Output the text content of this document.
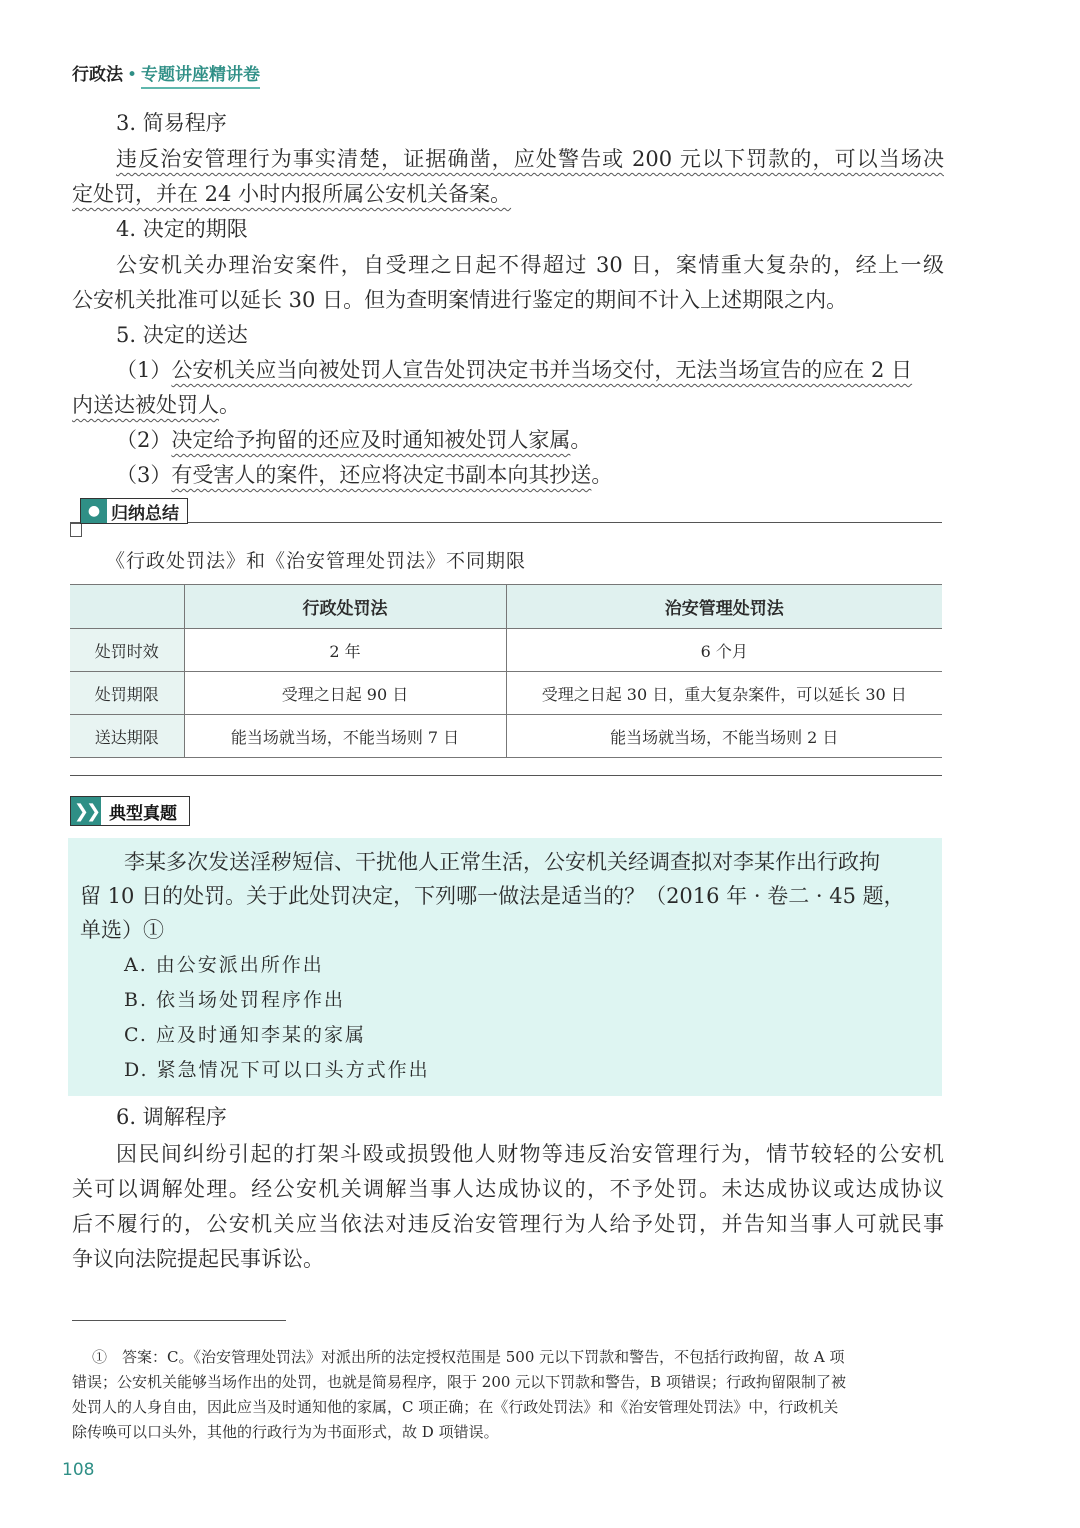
行政法 • 专题讲座精讲卷
3. 简易程序
违反治安管理行为事实清楚，证据确凿，应处警告或 200 元以下罚款的，可以当场决
定处罚，并在 24 小时内报所属公安机关备案。
4. 决定的期限
公安机关办理治安案件，自受理之日起不得超过 30 日，案情重大复杂的，经上一级
公安机关批准可以延长 30 日。但为查明案情进行鉴定的期间不计入上述期限之内。
5. 决定的送达
（1）公安机关应当向被处罚人宣告处罚决定书并当场交付，无法当场宣告的应在 2 日
内送达被处罚人。
（2）决定给予拘留的还应及时通知被处罚人家属。
（3）有受害人的案件，还应将决定书副本向其抄送。
● 归纳总结
《行政处罚法》和《治安管理处罚法》不同期限
	行政处罚法	治安管理处罚法
处罚时效	2 年	6 个月
处罚期限	受理之日起 90 日	受理之日起 30 日，重大复杂案件，可以延长 30 日
送达期限	能当场就当场，不能当场则 7 日	能当场就当场，不能当场则 2 日
❯❯ 典型真题
李某多次发送淫秽短信、干扰他人正常生活，公安机关经调查拟对李某作出行政拘
留 10 日的处罚。关于此处罚决定，下列哪一做法是适当的？（2016 年 · 卷二 · 45 题，
单选）①
A. 由公安派出所作出
B. 依当场处罚程序作出
C. 应及时通知李某的家属
D. 紧急情况下可以口头方式作出
6. 调解程序
因民间纠纷引起的打架斗殴或损毁他人财物等违反治安管理行为，情节较轻的公安机
关可以调解处理。经公安机关调解当事人达成协议的，不予处罚。未达成协议或达成协议
后不履行的，公安机关应当依法对违反治安管理行为人给予处罚，并告知当事人可就民事
争议向法院提起民事诉讼。
①　答案：C。《治安管理处罚法》对派出所的法定授权范围是 500 元以下罚款和警告，不包括行政拘留，故 A 项
错误；公安机关能够当场作出的处罚，也就是简易程序，限于 200 元以下罚款和警告，B 项错误；行政拘留限制了被
处罚人的人身自由，因此应当及时通知他的家属，C 项正确；在《行政处罚法》和《治安管理处罚法》中，行政机关
除传唤可以口头外，其他的行政行为为书面形式，故 D 项错误。
108
